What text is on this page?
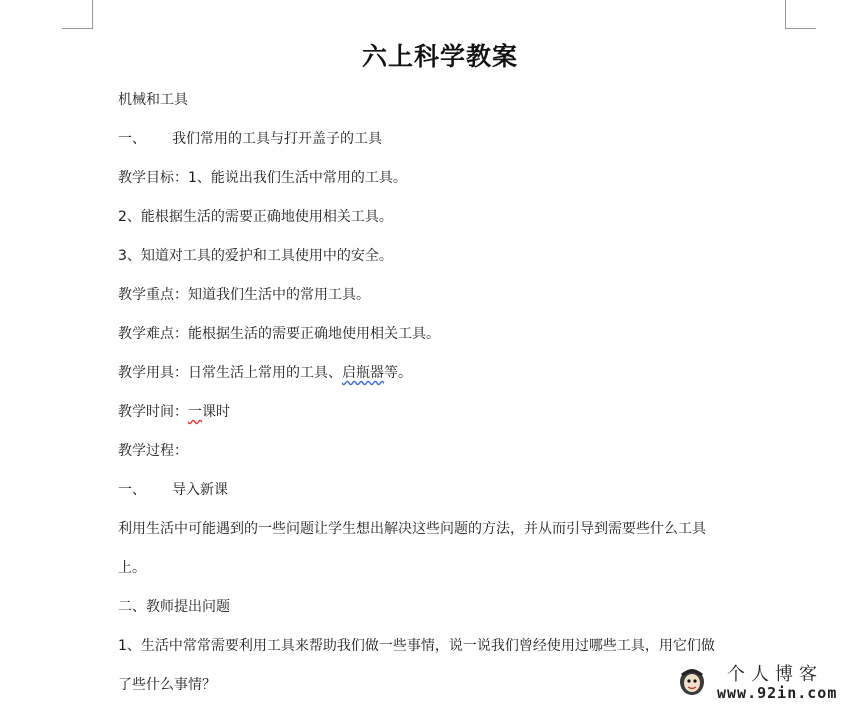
六上科学教案
机械和工具
一、 我们常用的工具与打开盖子的工具
教学目标：1、能说出我们生活中常用的工具。
2、能根据生活的需要正确地使用相关工具。
3、知道对工具的爱护和工具使用中的安全。
教学重点：知道我们生活中的常用工具。
教学难点：能根据生活的需要正确地使用相关工具。
教学用具：日常生活上常用的工具、启瓶器等。
教学时间：一课时
教学过程：
一、 导入新课
利用生活中可能遇到的一些问题让学生想出解决这些问题的方法，并从而引导到需要些什么工具
上。
二、教师提出问题
1、生活中常常需要利用工具来帮助我们做一些事情，说一说我们曾经使用过哪些工具，用它们做
了些什么事情？	个人博客
www.92in.com
